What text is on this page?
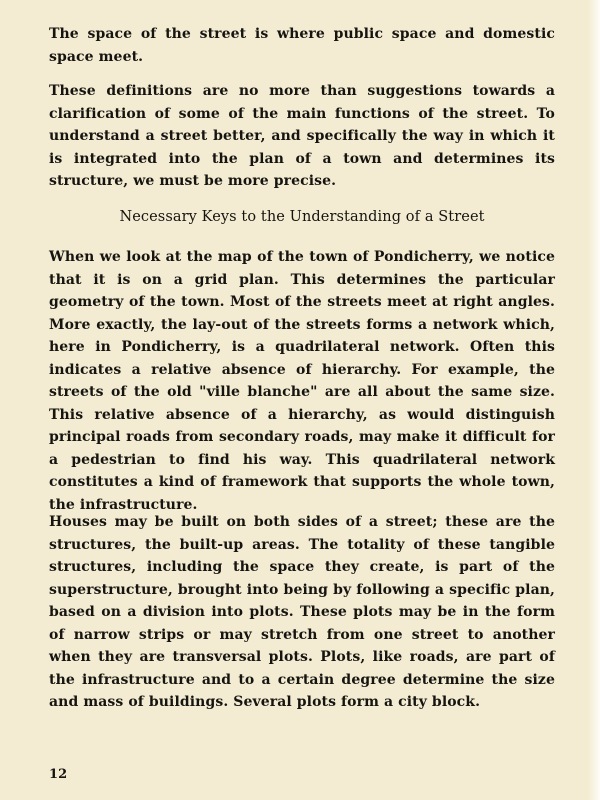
The space of the street is where public space and domestic space meet.

These definitions are no more than suggestions towards a clarification of some of the main functions of the street. To understand a street better, and specifically the way in which it is integrated into the plan of a town and determines its structure, we must be more precise.

Necessary Keys to the Understanding of a Street

When we look at the map of the town of Pondicherry, we notice that it is on a grid plan. This determines the particular geometry of the town. Most of the streets meet at right angles. More exactly, the lay-out of the streets forms a network which, here in Pondicherry, is a quadrilateral network. Often this indicates a relative absence of hierarchy. For example, the streets of the old "ville blanche" are all about the same size. This relative absence of a hierarchy, as would distinguish principal roads from secondary roads, may make it difficult for a pedestrian to find his way. This quadrilateral network constitutes a kind of framework that supports the whole town, the infrastructure.

Houses may be built on both sides of a street; these are the structures, the built-up areas. The totality of these tangible structures, including the space they create, is part of the superstructure, brought into being by following a specific plan, based on a division into plots. These plots may be in the form of narrow strips or may stretch from one street to another when they are transversal plots. Plots, like roads, are part of the infrastructure and to a certain degree determine the size and mass of buildings. Several plots form a city block.

12
